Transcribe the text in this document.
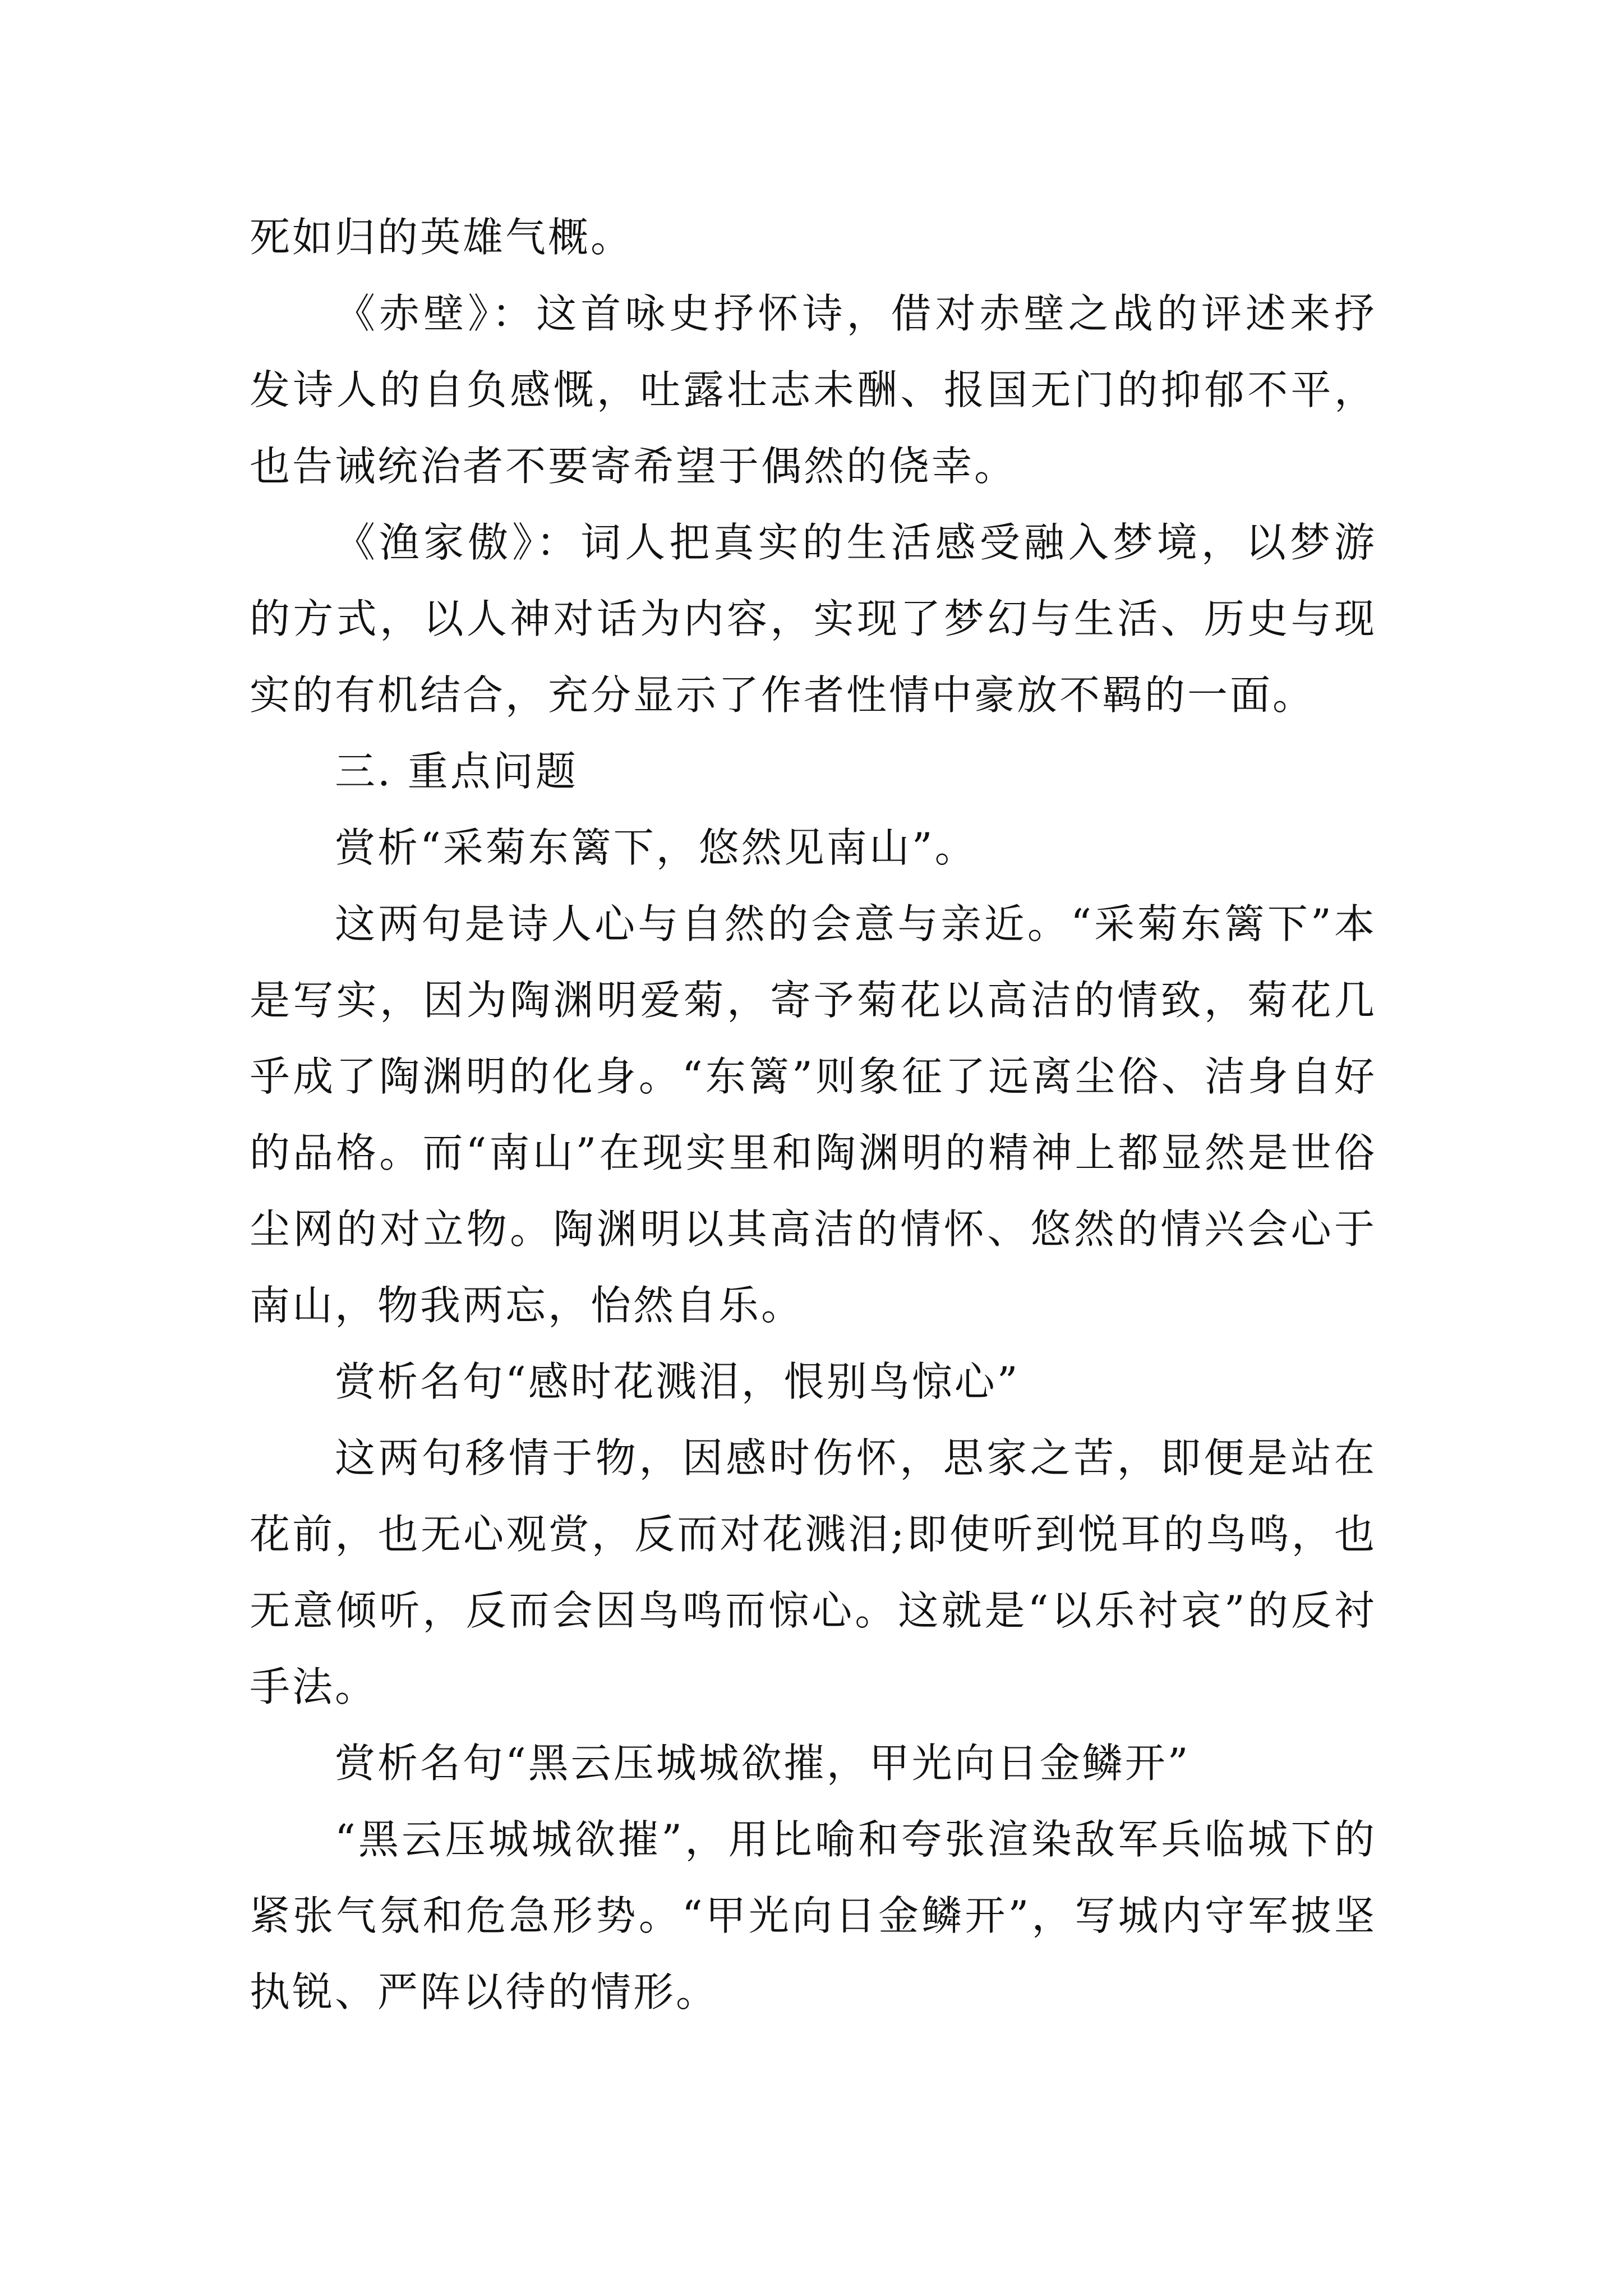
死如归的英雄气概。

《赤壁》：这首咏史抒怀诗，借对赤壁之战的评述来抒发诗人的自负感慨，吐露壮志未酬、报国无门的抑郁不平，也告诫统治者不要寄希望于偶然的侥幸。

《渔家傲》：词人把真实的生活感受融入梦境，以梦游的方式，以人神对话为内容，实现了梦幻与生活、历史与现实的有机结合，充分显示了作者性情中豪放不羁的一面。

三. 重点问题

赏析“采菊东篱下，悠然见南山”。

这两句是诗人心与自然的会意与亲近。“采菊东篱下”本是写实，因为陶渊明爱菊，寄予菊花以高洁的情致，菊花几乎成了陶渊明的化身。“东篱”则象征了远离尘俗、洁身自好的品格。而“南山”在现实里和陶渊明的精神上都显然是世俗尘网的对立物。陶渊明以其高洁的情怀、悠然的情兴会心于南山，物我两忘，怡然自乐。

赏析名句“感时花溅泪，恨别鸟惊心”

这两句移情于物，因感时伤怀，思家之苦，即便是站在花前，也无心观赏，反而对花溅泪;即使听到悦耳的鸟鸣，也无意倾听，反而会因鸟鸣而惊心。这就是“以乐衬哀”的反衬手法。

赏析名句“黑云压城城欲摧，甲光向日金鳞开”

“黑云压城城欲摧”，用比喻和夸张渲染敌军兵临城下的紧张气氛和危急形势。“甲光向日金鳞开”，写城内守军披坚执锐、严阵以待的情形。
